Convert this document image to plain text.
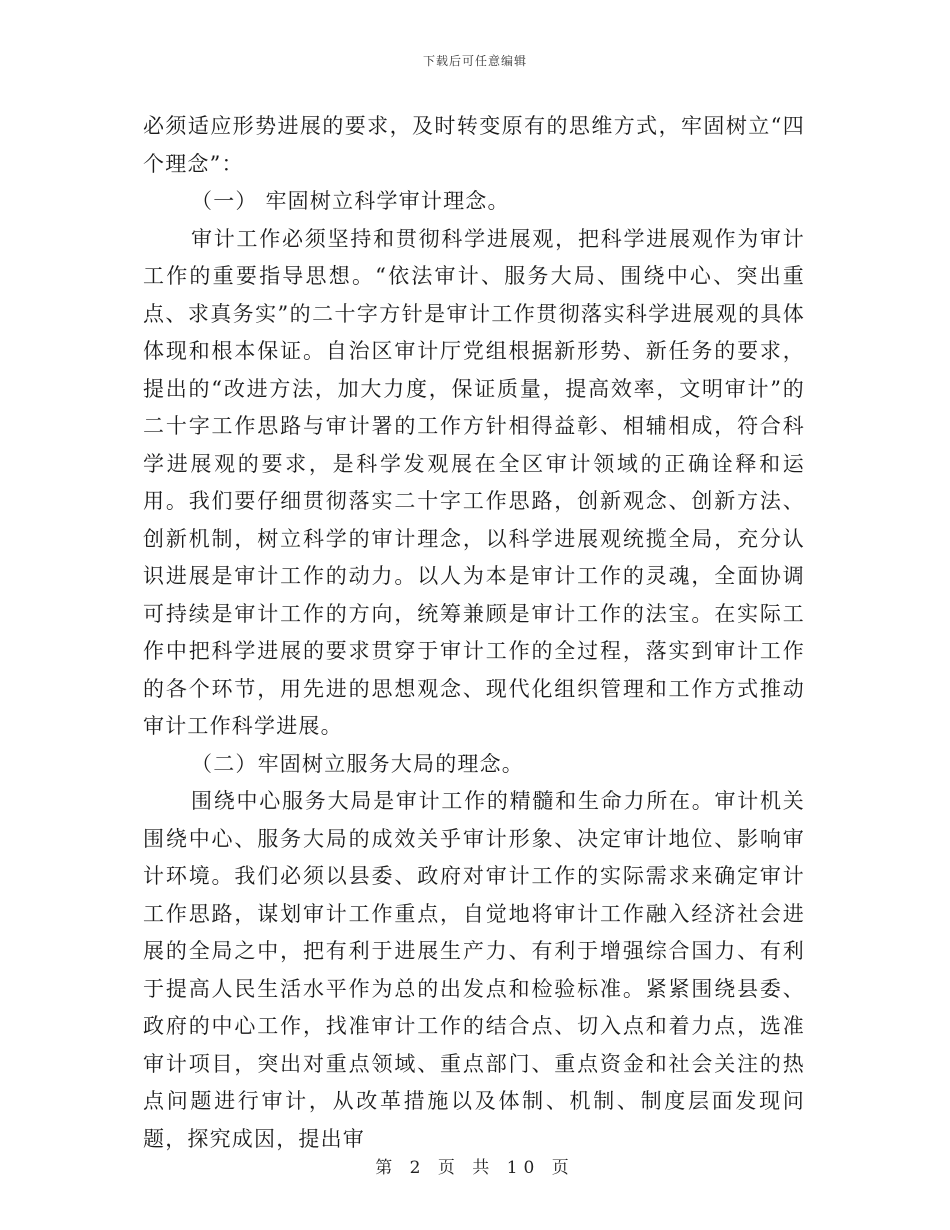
下载后可任意编辑

必须适应形势进展的要求，及时转变原有的思维方式，牢固树立“四个理念”：

（一） 牢固树立科学审计理念。

审计工作必须坚持和贯彻科学进展观，把科学进展观作为审计工作的重要指导思想。“依法审计、服务大局、围绕中心、突出重点、求真务实”的二十字方针是审计工作贯彻落实科学进展观的具体体现和根本保证。自治区审计厅党组根据新形势、新任务的要求，提出的“改进方法，加大力度，保证质量，提高效率，文明审计”的二十字工作思路与审计署的工作方针相得益彰、相辅相成，符合科学进展观的要求，是科学发观展在全区审计领域的正确诠释和运用。我们要仔细贯彻落实二十字工作思路，创新观念、创新方法、创新机制，树立科学的审计理念，以科学进展观统揽全局，充分认识进展是审计工作的动力。以人为本是审计工作的灵魂，全面协调可持续是审计工作的方向，统筹兼顾是审计工作的法宝。在实际工作中把科学进展的要求贯穿于审计工作的全过程，落实到审计工作的各个环节，用先进的思想观念、现代化组织管理和工作方式推动审计工作科学进展。

（二）牢固树立服务大局的理念。

围绕中心服务大局是审计工作的精髓和生命力所在。审计机关围绕中心、服务大局的成效关乎审计形象、决定审计地位、影响审计环境。我们必须以县委、政府对审计工作的实际需求来确定审计工作思路，谋划审计工作重点，自觉地将审计工作融入经济社会进展的全局之中，把有利于进展生产力、有利于增强综合国力、有利于提高人民生活水平作为总的出发点和检验标准。紧紧围绕县委、政府的中心工作，找准审计工作的结合点、切入点和着力点，选准审计项目，突出对重点领域、重点部门、重点资金和社会关注的热点问题进行审计，从改革措施以及体制、机制、制度层面发现问题，探究成因，提出审

第 2 页 共 10 页
